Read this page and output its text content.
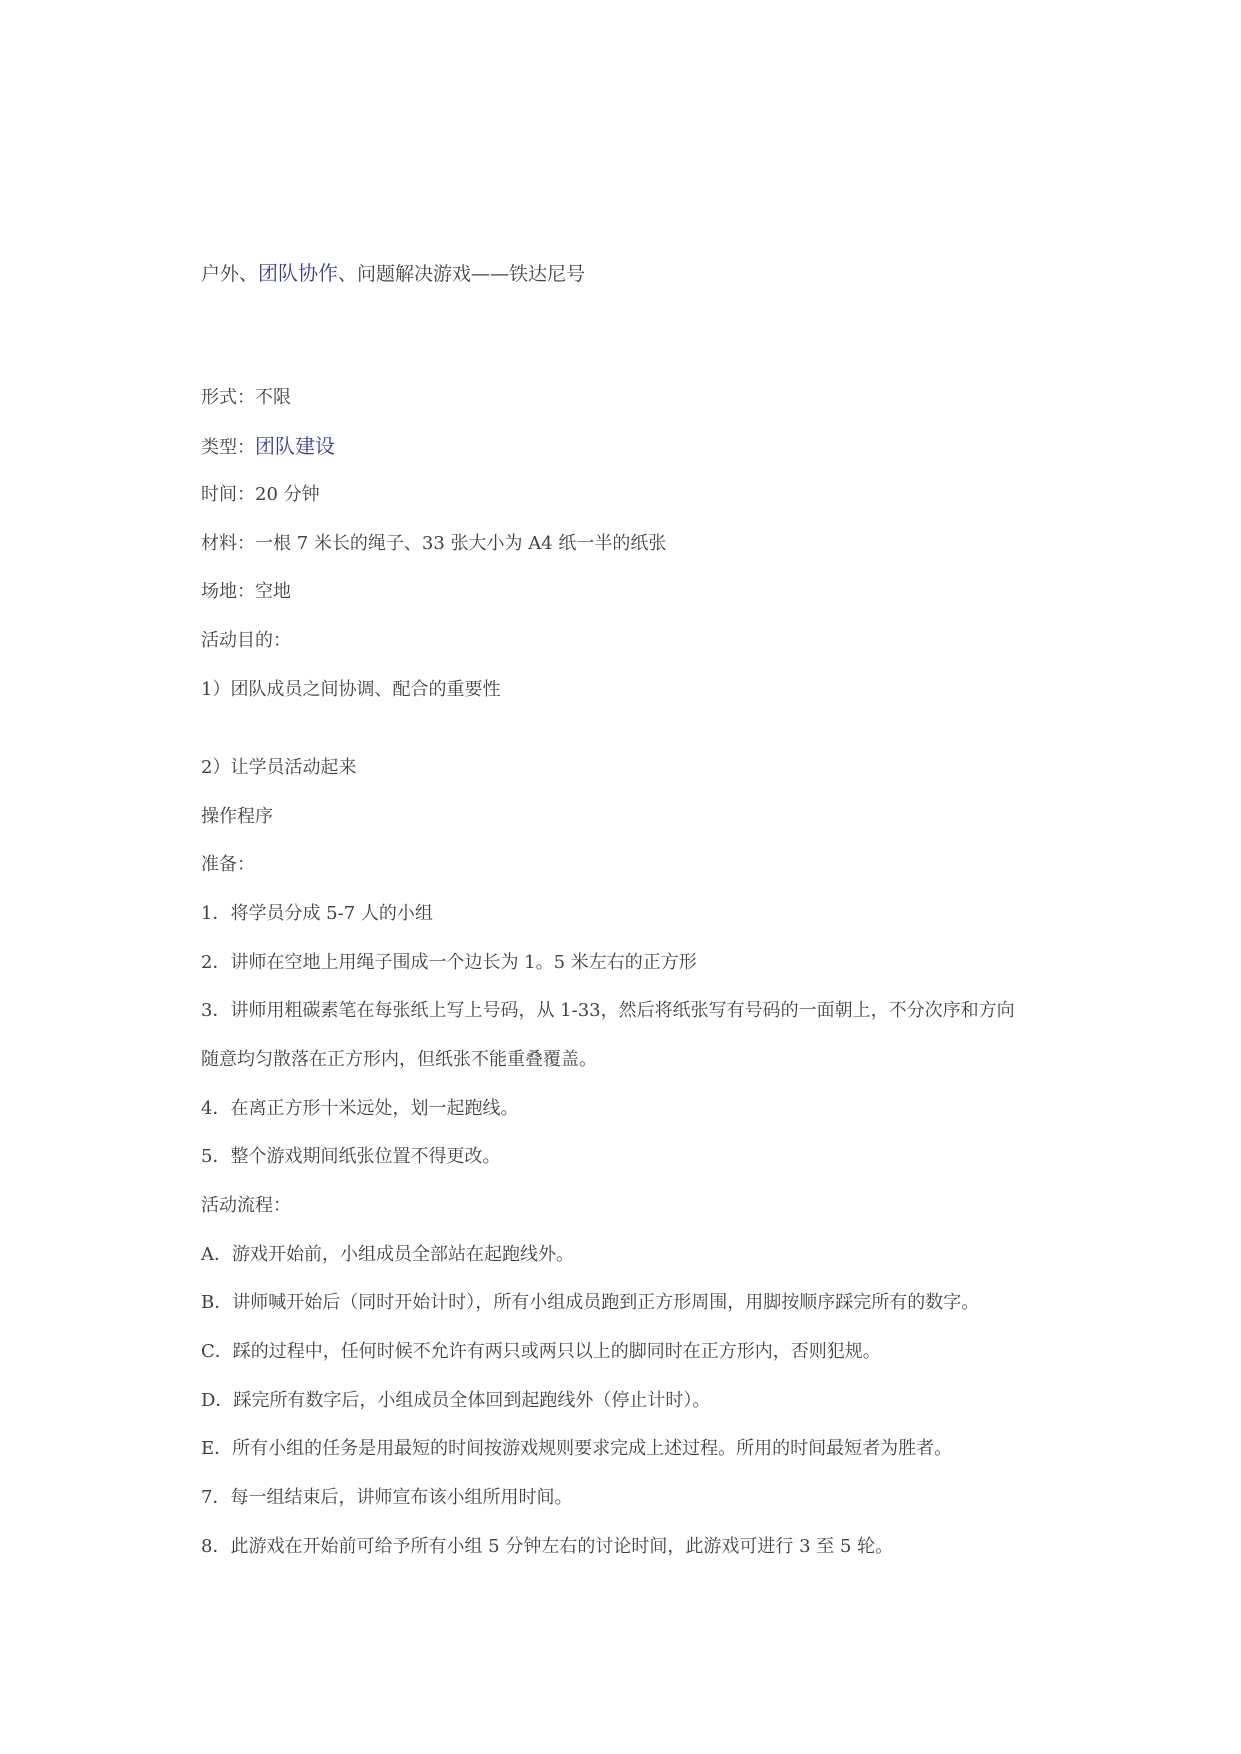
户外、团队协作、问题解决游戏——铁达尼号
形式：不限
类型：团队建设
时间：20 分钟
材料：一根 7 米长的绳子、33 张大小为 A4 纸一半的纸张
场地：空地
活动目的：
1）团队成员之间协调、配合的重要性
2）让学员活动起来
操作程序
准备：
1．将学员分成 5-7 人的小组
2．讲师在空地上用绳子围成一个边长为 1。5 米左右的正方形
3．讲师用粗碳素笔在每张纸上写上号码，从 1-33，然后将纸张写有号码的一面朝上，不分次序和方向
随意均匀散落在正方形内，但纸张不能重叠覆盖。
4．在离正方形十米远处，划一起跑线。
5．整个游戏期间纸张位置不得更改。
活动流程：
A．游戏开始前，小组成员全部站在起跑线外。
B．讲师喊开始后（同时开始计时），所有小组成员跑到正方形周围，用脚按顺序踩完所有的数字。
C．踩的过程中，任何时候不允许有两只或两只以上的脚同时在正方形内，否则犯规。
D．踩完所有数字后，小组成员全体回到起跑线外（停止计时）。
E．所有小组的任务是用最短的时间按游戏规则要求完成上述过程。所用的时间最短者为胜者。
7．每一组结束后，讲师宣布该小组所用时间。
8．此游戏在开始前可给予所有小组 5 分钟左右的讨论时间，此游戏可进行 3 至 5 轮。
